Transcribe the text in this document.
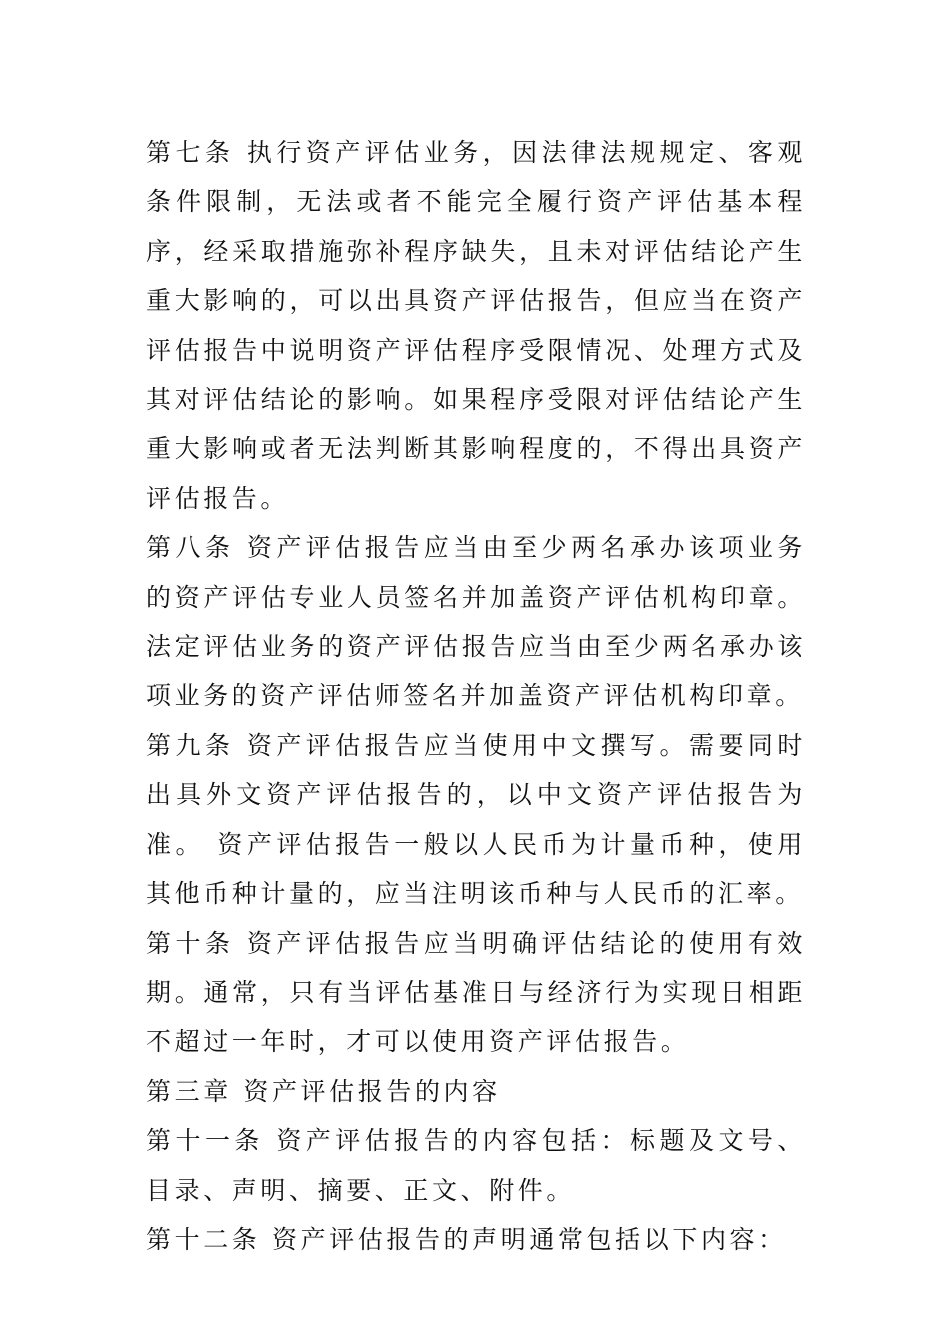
第七条 执行资产评估业务，因法律法规规定、客观条件限制，无法或者不能完全履行资产评估基本程序，经采取措施弥补程序缺失，且未对评估结论产生重大影响的，可以出具资产评估报告，但应当在资产评估报告中说明资产评估程序受限情况、处理方式及其对评估结论的影响。如果程序受限对评估结论产生重大影响或者无法判断其影响程度的，不得出具资产评估报告。

第八条 资产评估报告应当由至少两名承办该项业务的资产评估专业人员签名并加盖资产评估机构印章。 法定评估业务的资产评估报告应当由至少两名承办该项业务的资产评估师签名并加盖资产评估机构印章。

第九条 资产评估报告应当使用中文撰写。需要同时出具外文资产评估报告的，以中文资产评估报告为准。 资产评估报告一般以人民币为计量币种，使用其他币种计量的，应当注明该币种与人民币的汇率。

第十条 资产评估报告应当明确评估结论的使用有效期。通常，只有当评估基准日与经济行为实现日相距不超过一年时，才可以使用资产评估报告。

第三章 资产评估报告的内容

第十一条 资产评估报告的内容包括：标题及文号、目录、声明、摘要、正文、附件。

第十二条 资产评估报告的声明通常包括以下内容：
